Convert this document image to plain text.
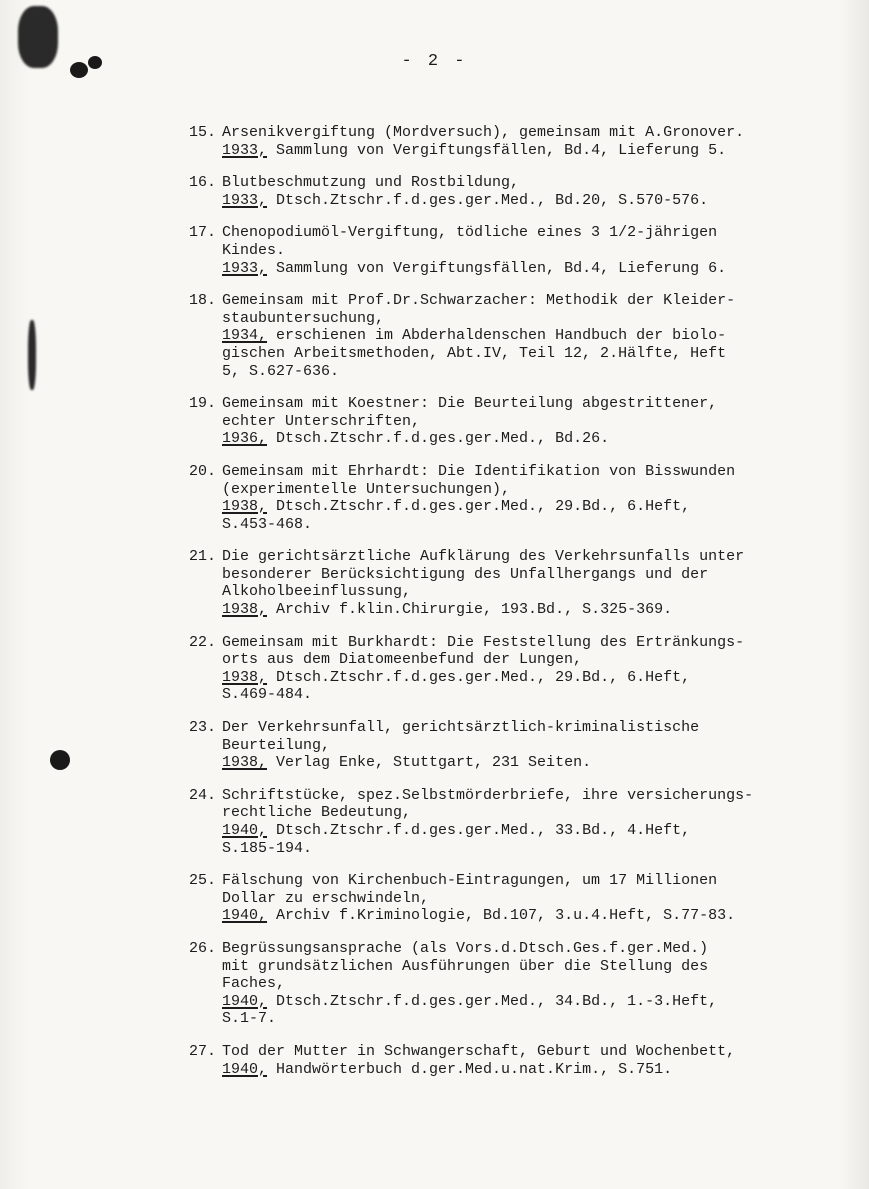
- 2 -
15. Arsenikvergiftung (Mordversuch), gemeinsam mit A.Gronover.
1933, Sammlung von Vergiftungsfällen, Bd.4, Lieferung 5.
16. Blutbeschmutzung und Rostbildung,
1933, Dtsch.Ztschr.f.d.ges.ger.Med., Bd.20, S.570-576.
17. Chenopodiumöl-Vergiftung, tödliche eines 3 1/2-jährigen
Kindes.
1933, Sammlung von Vergiftungsfällen, Bd.4, Lieferung 6.
18. Gemeinsam mit Prof.Dr.Schwarzacher: Methodik der Kleider-
staubuntersuchung,
1934, erschienen im Abderhaldenschen Handbuch der biolo-
gischen Arbeitsmethoden, Abt.IV, Teil 12, 2.Hälfte, Heft
5, S.627-636.
19. Gemeinsam mit Koestner: Die Beurteilung abgestrittener,
echter Unterschriften,
1936, Dtsch.Ztschr.f.d.ges.ger.Med., Bd.26.
20. Gemeinsam mit Ehrhardt: Die Identifikation von Bisswunden
(experimentelle Untersuchungen),
1938, Dtsch.Ztschr.f.d.ges.ger.Med., 29.Bd., 6.Heft,
S.453-468.
21. Die gerichtsärztliche Aufklärung des Verkehrsunfalls unter
besonderer Berücksichtigung des Unfallhergangs und der
Alkoholbeeinflussung,
1938, Archiv f.klin.Chirurgie, 193.Bd., S.325-369.
22. Gemeinsam mit Burkhardt: Die Feststellung des Ertränkungs-
orts aus dem Diatomeenbefund der Lungen,
1938, Dtsch.Ztschr.f.d.ges.ger.Med., 29.Bd., 6.Heft,
S.469-484.
23. Der Verkehrsunfall, gerichtsärztlich-kriminalistische
Beurteilung,
1938, Verlag Enke, Stuttgart, 231 Seiten.
24. Schriftstücke, spez.Selbstmörderbriefe, ihre versicherungs-
rechtliche Bedeutung,
1940, Dtsch.Ztschr.f.d.ges.ger.Med., 33.Bd., 4.Heft,
S.185-194.
25. Fälschung von Kirchenbuch-Eintragungen, um 17 Millionen
Dollar zu erschwindeln,
1940, Archiv f.Kriminologie, Bd.107, 3.u.4.Heft, S.77-83.
26. Begrüssungsansprache (als Vors.d.Dtsch.Ges.f.ger.Med.)
mit grundsätzlichen Ausführungen über die Stellung des
Faches,
1940, Dtsch.Ztschr.f.d.ges.ger.Med., 34.Bd., 1.-3.Heft,
S.1-7.
27. Tod der Mutter in Schwangerschaft, Geburt und Wochenbett,
1940, Handwörterbuch d.ger.Med.u.nat.Krim., S.751.
